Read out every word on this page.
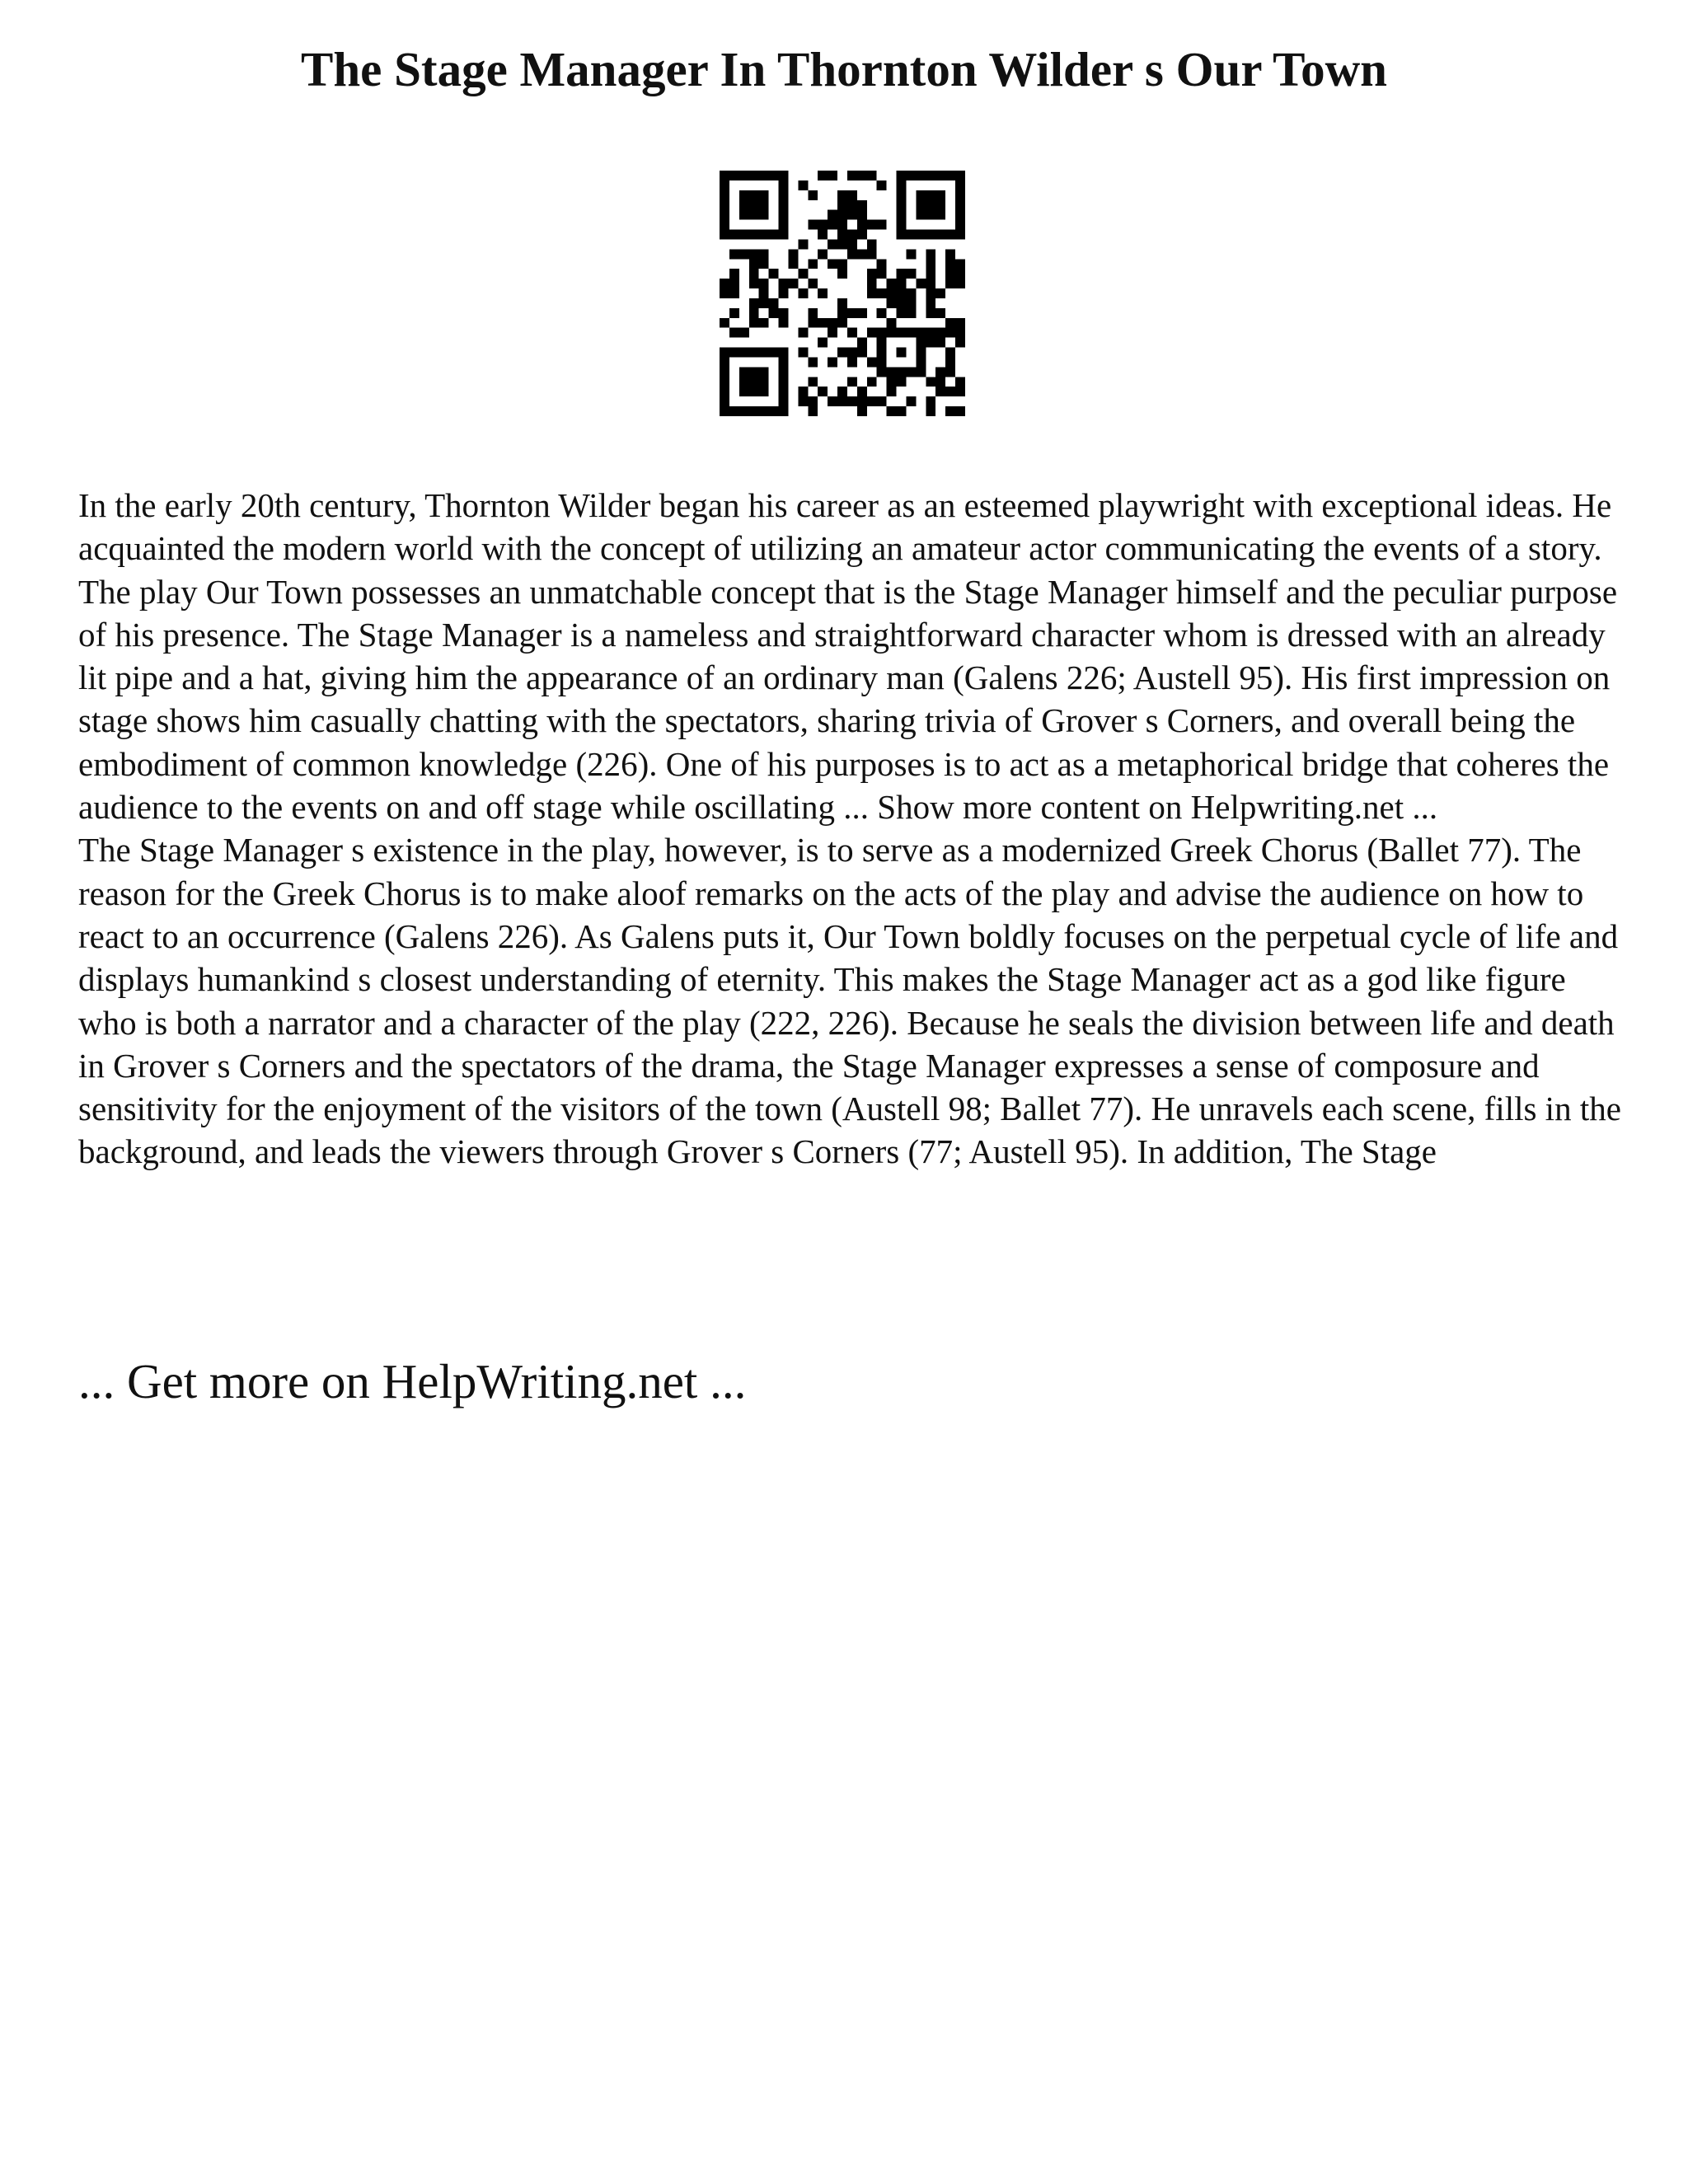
The Stage Manager In Thornton Wilder s Our Town

In the early 20th century, Thornton Wilder began his career as an esteemed playwright with exceptional ideas. He acquainted the modern world with the concept of utilizing an amateur actor communicating the events of a story. The play Our Town possesses an unmatchable concept that is the Stage Manager himself and the peculiar purpose of his presence. The Stage Manager is a nameless and straightforward character whom is dressed with an already lit pipe and a hat, giving him the appearance of an ordinary man (Galens 226; Austell 95). His first impression on stage shows him casually chatting with the spectators, sharing trivia of Grover s Corners, and overall being the embodiment of common knowledge (226). One of his purposes is to act as a metaphorical bridge that coheres the audience to the events on and off stage while oscillating ... Show more content on Helpwriting.net ...

The Stage Manager s existence in the play, however, is to serve as a modernized Greek Chorus (Ballet 77). The reason for the Greek Chorus is to make aloof remarks on the acts of the play and advise the audience on how to react to an occurrence (Galens 226). As Galens puts it, Our Town boldly focuses on the perpetual cycle of life and displays humankind s closest understanding of eternity. This makes the Stage Manager act as a god like figure who is both a narrator and a character of the play (222, 226). Because he seals the division between life and death in Grover s Corners and the spectators of the drama, the Stage Manager expresses a sense of composure and sensitivity for the enjoyment of the visitors of the town (Austell 98; Ballet 77). He unravels each scene, fills in the background, and leads the viewers through Grover s Corners (77; Austell 95). In addition, The Stage

... Get more on HelpWriting.net ...
